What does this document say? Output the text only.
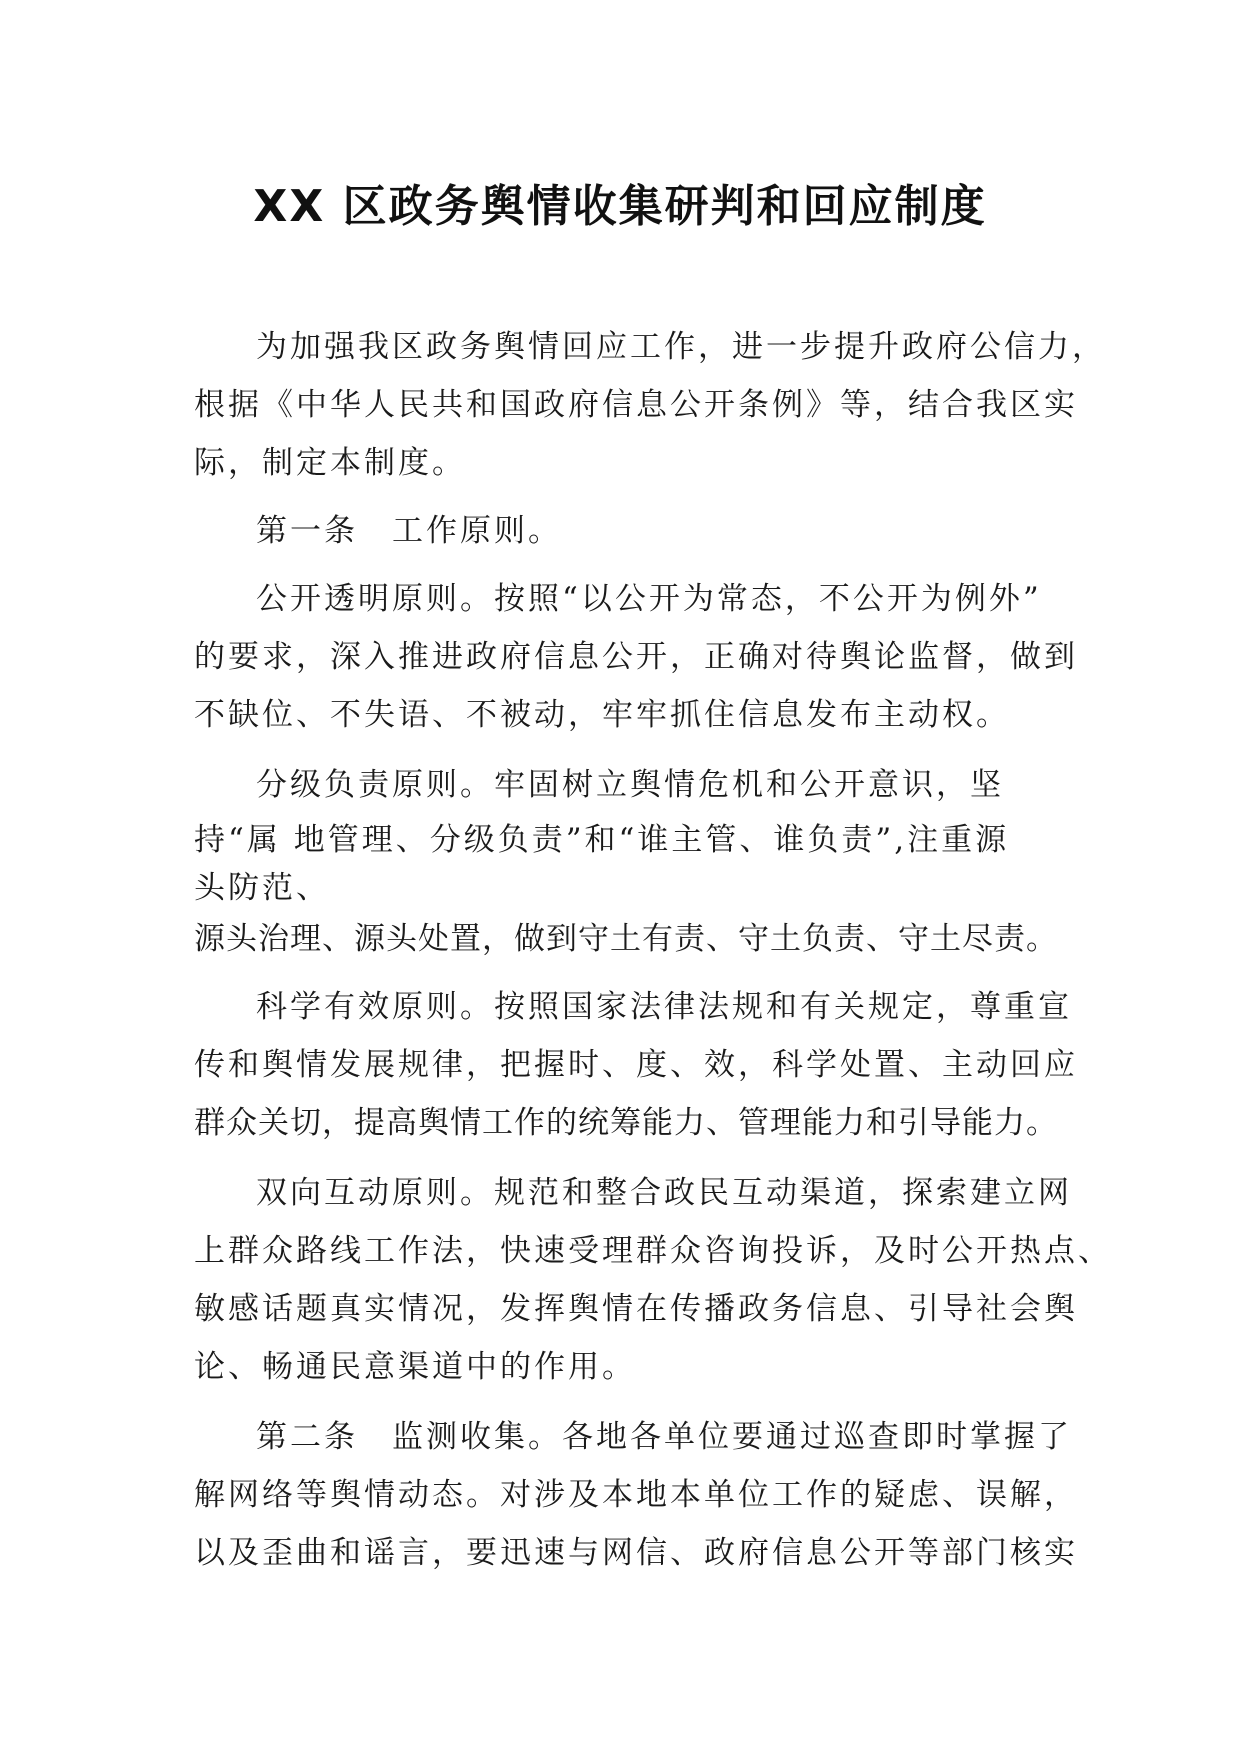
XX 区政务舆情收集研判和回应制度
为加强我区政务舆情回应工作，进一步提升政府公信力，
根据《中华人民共和国政府信息公开条例》等，结合我区实
际，制定本制度。
第一条　工作原则。
公开透明原则。按照“以公开为常态，不公开为例外”
的要求，深入推进政府信息公开，正确对待舆论监督，做到
不缺位、不失语、不被动，牢牢抓住信息发布主动权。
分级负责原则。牢固树立舆情危机和公开意识，坚
持“属 地管理、分级负责”和“谁主管、谁负责”,注重源
头防范、
源头治理、源头处置，做到守土有责、守土负责、守土尽责。
科学有效原则。按照国家法律法规和有关规定，尊重宣
传和舆情发展规律，把握时、度、效，科学处置、主动回应
群众关切，提高舆情工作的统筹能力、管理能力和引导能力。
双向互动原则。规范和整合政民互动渠道，探索建立网
上群众路线工作法，快速受理群众咨询投诉，及时公开热点、
敏感话题真实情况，发挥舆情在传播政务信息、引导社会舆
论、畅通民意渠道中的作用。
第二条　监测收集。各地各单位要通过巡查即时掌握了
解网络等舆情动态。对涉及本地本单位工作的疑虑、误解，
以及歪曲和谣言，要迅速与网信、政府信息公开等部门核实
